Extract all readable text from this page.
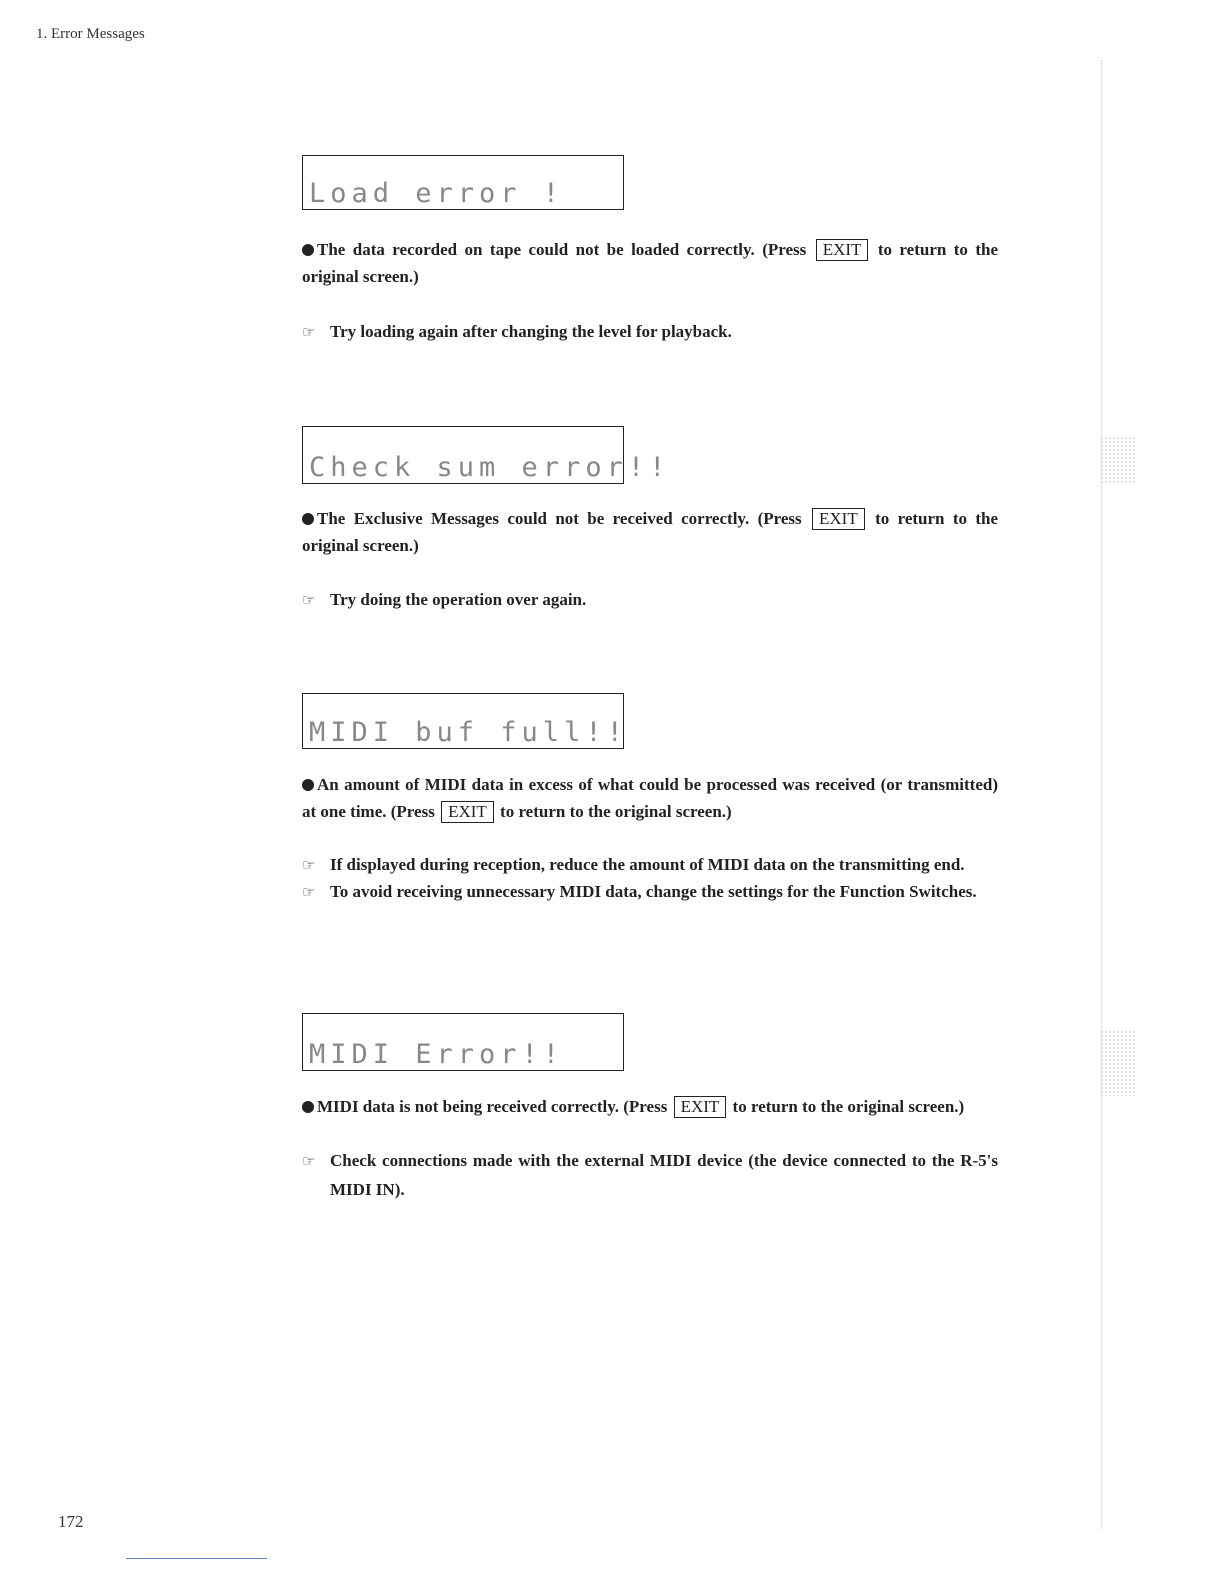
1. Error Messages
Load error !
The data recorded on tape could not be loaded correctly. (Press EXIT to return to the original screen.)
☞ Try loading again after changing the level for playback.
Check sum error!!
The Exclusive Messages could not be received correctly. (Press EXIT to return to the original screen.)
☞ Try doing the operation over again.
MIDI buf full!!
An amount of MIDI data in excess of what could be processed was received (or transmitted) at one time. (Press EXIT to return to the original screen.)
☞ If displayed during reception, reduce the amount of MIDI data on the transmitting end.
☞ To avoid receiving unnecessary MIDI data, change the settings for the Function Switches.
MIDI Error!!
MIDI data is not being received correctly. (Press EXIT to return to the original screen.)
☞ Check connections made with the external MIDI device (the device connected to the R-5's MIDI IN).
172
